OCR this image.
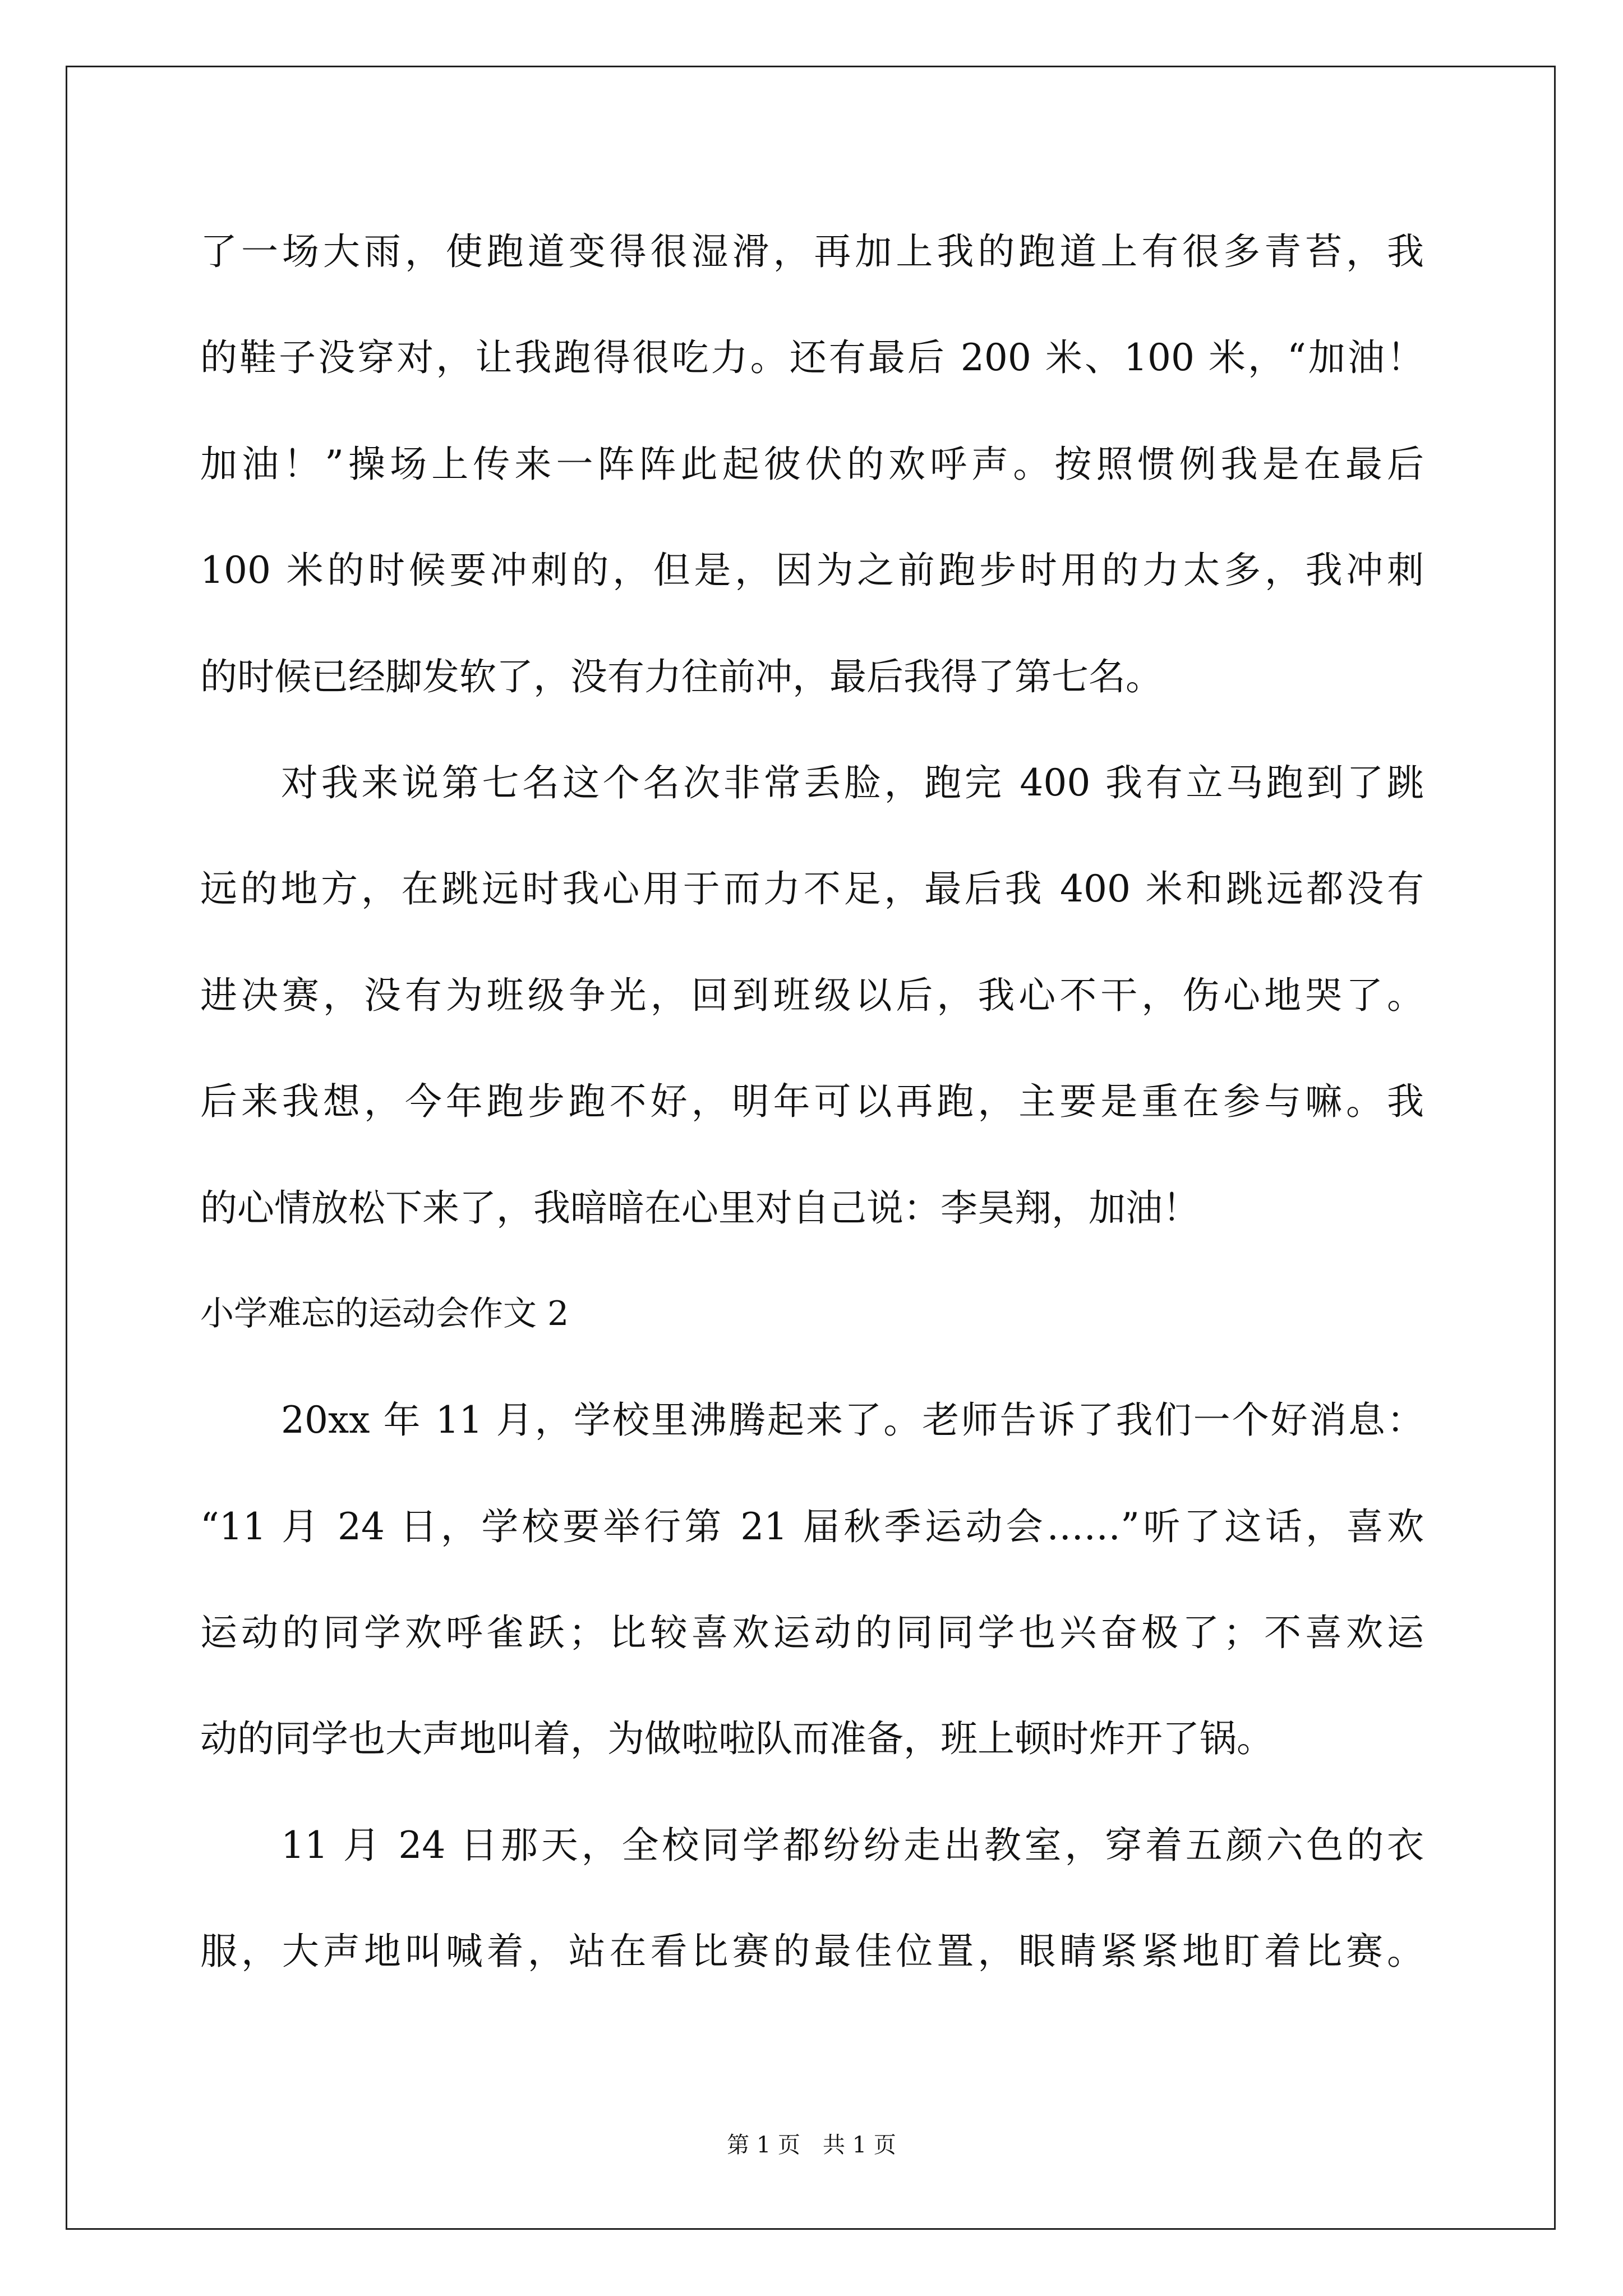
了一场大雨，使跑道变得很湿滑，再加上我的跑道上有很多青苔，我
的鞋子没穿对，让我跑得很吃力。还有最后 200 米、100 米，“加油！
加油！”操场上传来一阵阵此起彼伏的欢呼声。按照惯例我是在最后
100 米的时候要冲刺的，但是，因为之前跑步时用的力太多，我冲刺
的时候已经脚发软了，没有力往前冲，最后我得了第七名。
对我来说第七名这个名次非常丢脸，跑完 400 我有立马跑到了跳
远的地方，在跳远时我心用于而力不足，最后我 400 米和跳远都没有
进决赛，没有为班级争光，回到班级以后，我心不干，伤心地哭了。
后来我想，今年跑步跑不好，明年可以再跑，主要是重在参与嘛。我
的心情放松下来了，我暗暗在心里对自己说：李昊翔，加油！
小学难忘的运动会作文 2
20xx 年 11 月，学校里沸腾起来了。老师告诉了我们一个好消息：
“11 月 24 日，学校要举行第 21 届秋季运动会……”听了这话，喜欢
运动的同学欢呼雀跃；比较喜欢运动的同同学也兴奋极了；不喜欢运
动的同学也大声地叫着，为做啦啦队而准备，班上顿时炸开了锅。
11 月 24 日那天，全校同学都纷纷走出教室，穿着五颜六色的衣
服，大声地叫喊着，站在看比赛的最佳位置，眼睛紧紧地盯着比赛。
第 1 页　共 1 页
